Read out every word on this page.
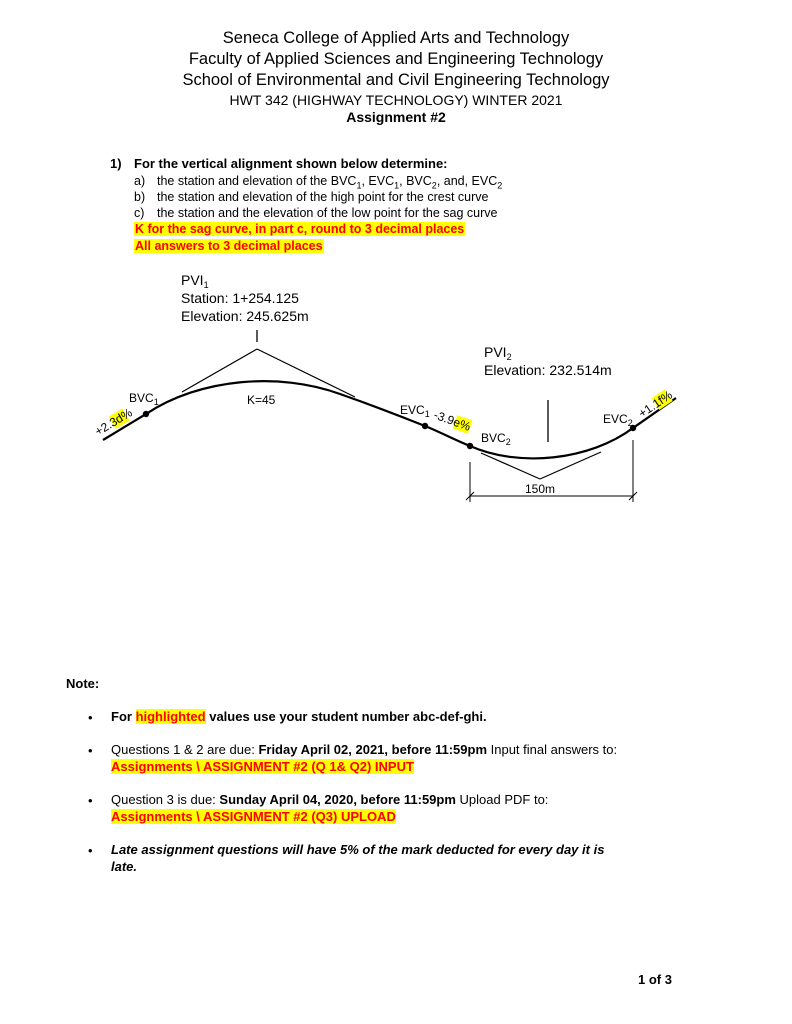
Seneca College of Applied Arts and Technology
Faculty of Applied Sciences and Engineering Technology
School of Environmental and Civil Engineering Technology
HWT 342 (HIGHWAY TECHNOLOGY) WINTER 2021
Assignment #2
1) For the vertical alignment shown below determine:
a) the station and elevation of the $BVC_1$, $EVC_1$, $BVC_2$, and, $EVC_2$
b) the station and elevation of the high point for the crest curve
c) the station and the elevation of the low point for the sag curve
K for the sag curve, in part c, round to 3 decimal places
All answers to 3 decimal places
$PVI_1$
Station: 1+254.125
Elevation: 245.625m
$PVI_2$
Elevation: 232.514m
$BVC_1$
$EVC_1$
$BVC_2$
$EVC_2$
K=45
+2.3d%	-3.9e%
+1.1f%
150m
Note:
• For highlighted values use your student number abc-def-ghi.
• Questions 1 & 2 are due: Friday April 02, 2021, before 11:59pm Input final answers to:
Assignments \ ASSIGNMENT #2 (Q 1& Q2) INPUT
• Question 3 is due: Sunday April 04, 2020, before 11:59pm Upload PDF to:
Assignments \ ASSIGNMENT #2 (Q3) UPLOAD
• Late assignment questions will have 5% of the mark deducted for every day it is
late.
1 of 3
